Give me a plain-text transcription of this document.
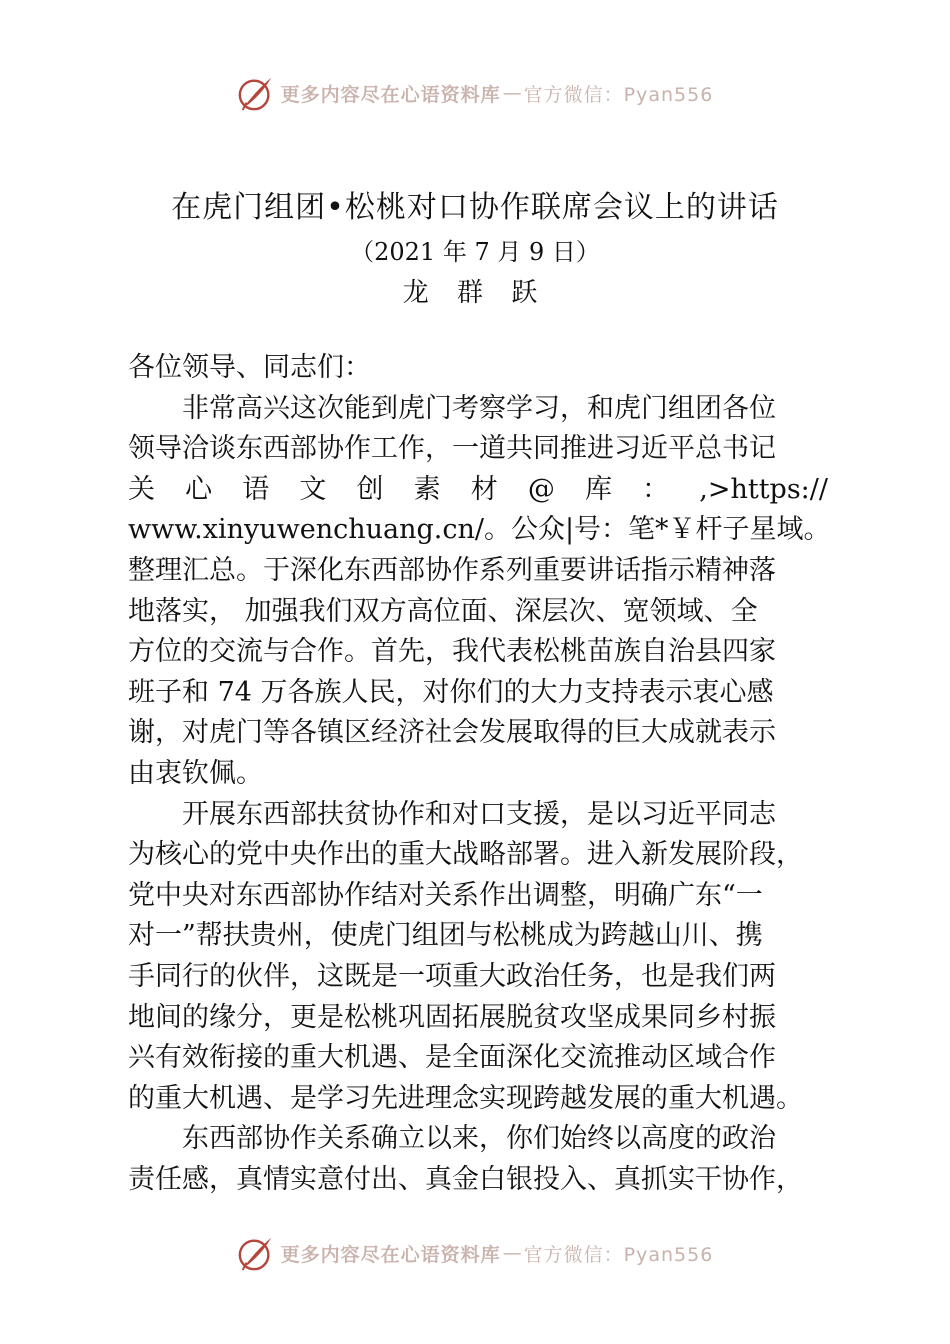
更多内容尽在心语资料库 — 官方微信：Pyan556
在虎门组团•松桃对口协作联席会议上的讲话
（2021 年 7 月 9 日）
龙 群 跃

各位领导、同志们：

非常高兴这次能到虎门考察学习，和虎门组团各位
领导洽谈东西部协作工作，一道共同推进习近平总书记
关 心 语 文 创 素 材 @ 库 ： ,>https://
www.xinyuwenchuang.cn/。公众|号：笔*￥杆子星域。
整理汇总。于深化东西部协作系列重要讲话指示精神落
地落实， 加强我们双方高位面、深层次、宽领域、全
方位的交流与合作。首先，我代表松桃苗族自治县四家
班子和 74 万各族人民，对你们的大力支持表示衷心感
谢，对虎门等各镇区经济社会发展取得的巨大成就表示
由衷钦佩。

开展东西部扶贫协作和对口支援，是以习近平同志
为核心的党中央作出的重大战略部署。进入新发展阶段，
党中央对东西部协作结对关系作出调整，明确广东“一
对一”帮扶贵州，使虎门组团与松桃成为跨越山川、携
手同行的伙伴，这既是一项重大政治任务，也是我们两
地间的缘分，更是松桃巩固拓展脱贫攻坚成果同乡村振
兴有效衔接的重大机遇、是全面深化交流推动区域合作
的重大机遇、是学习先进理念实现跨越发展的重大机遇。

东西部协作关系确立以来，你们始终以高度的政治
责任感，真情实意付出、真金白银投入、真抓实干协作，

更多内容尽在心语资料库 — 官方微信：Pyan556
